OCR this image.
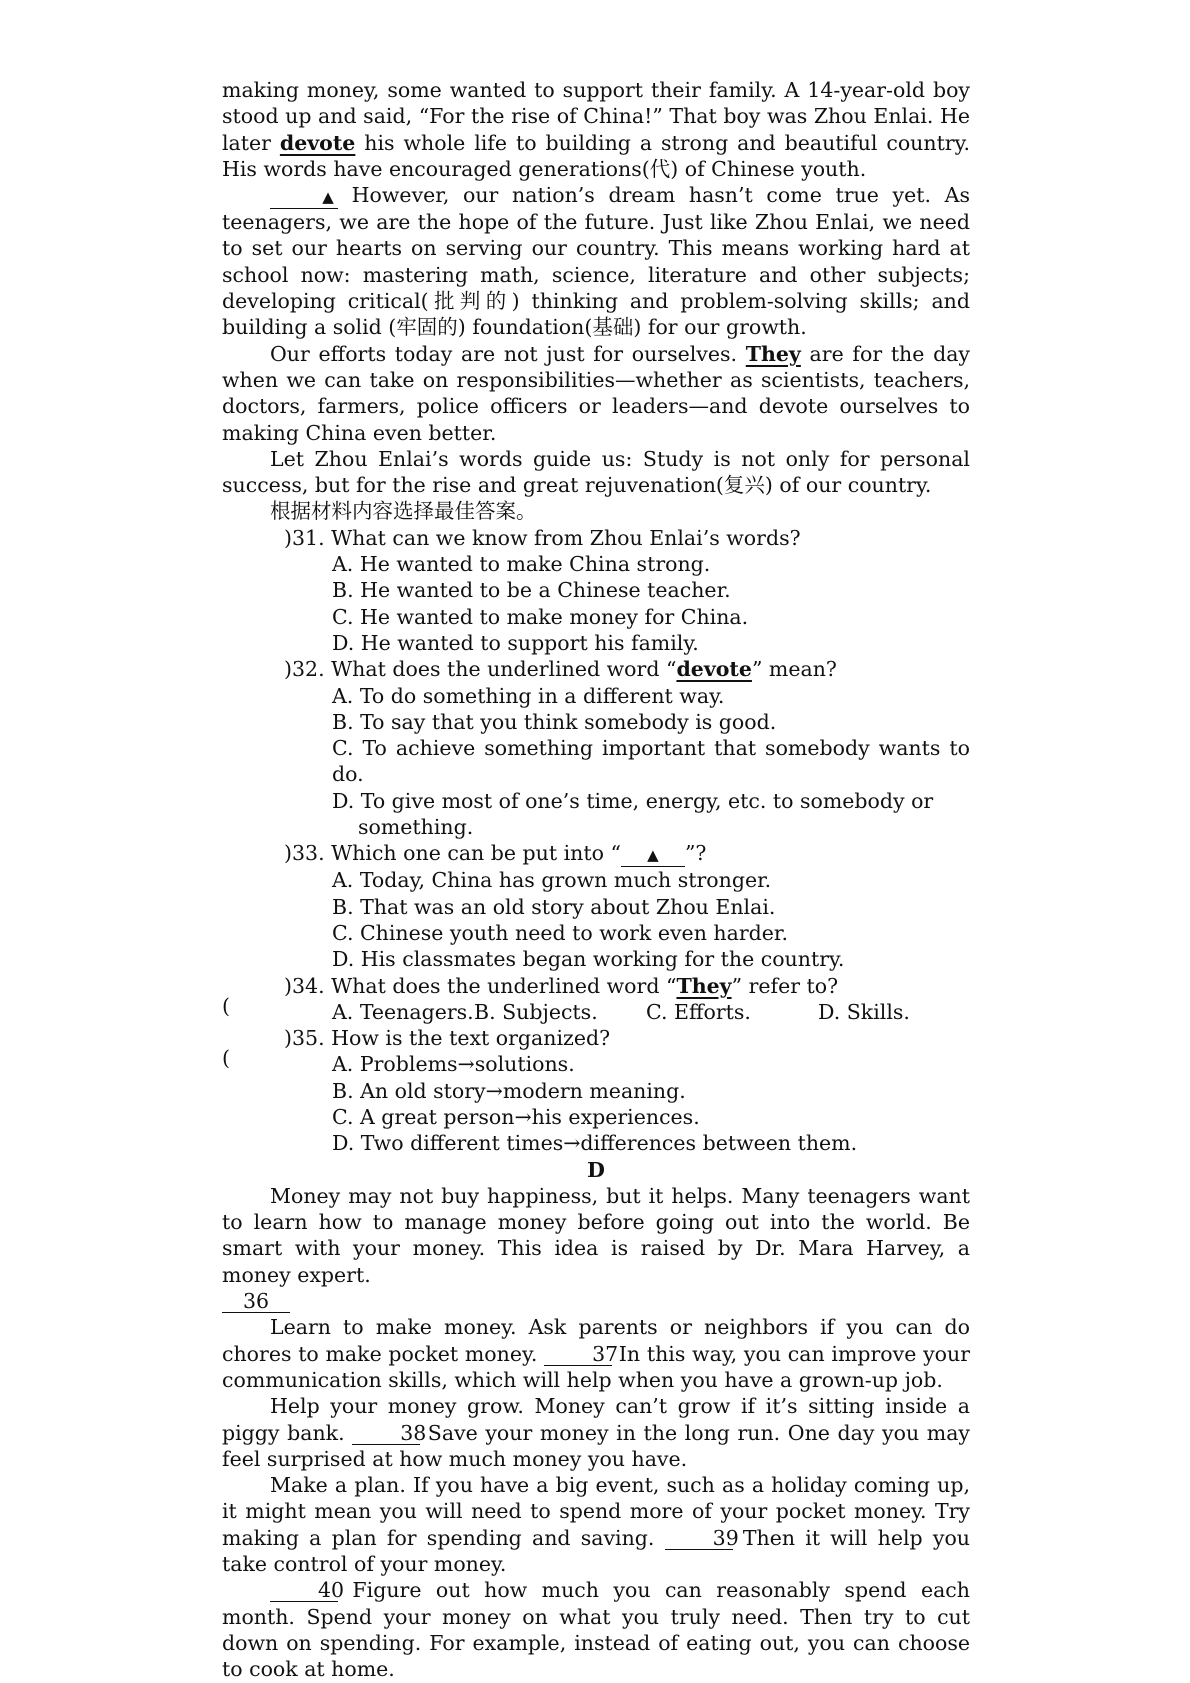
making money, some wanted to support their family. A 14-year-old boy stood up and said, “For the rise of China!” That boy was Zhou Enlai. He later devote his whole life to building a strong and beautiful country. His words have encouraged generations(代) of Chinese youth.

▲ However, our nation’s dream hasn’t come true yet. As teenagers, we are the hope of the future. Just like Zhou Enlai, we need to set our hearts on serving our country. This means working hard at school now: mastering math, science, literature and other subjects; developing critical(批判的) thinking and problem-solving skills; and building a solid (牢固的) foundation(基础) for our growth.

Our efforts today are not just for ourselves. They are for the day when we can take on responsibilities—whether as scientists, teachers, doctors, farmers, police officers or leaders—and devote ourselves to making China even better.

Let Zhou Enlai’s words guide us: Study is not only for personal success, but for the rise and great rejuvenation(复兴) of our country.

根据材料内容选择最佳答案。

)31. What can we know from Zhou Enlai’s words?

A. He wanted to make China strong.

B. He wanted to be a Chinese teacher.

C. He wanted to make money for China.

D. He wanted to support his family.

)32. What does the underlined word “devote” mean?

A. To do something in a different way.

B. To say that you think somebody is good.

C. To achieve something important that somebody wants to do.

D. To give most of one’s time, energy, etc. to somebody or

something.

)33. Which one can be put into “ ▲ ”?

A. Today, China has grown much stronger.

B. That was an old story about Zhou Enlai.

C. Chinese youth need to work even harder.

D. His classmates began working for the country.

(
)34. What does the underlined word “They” refer to?

A. Teenagers.B. Subjects. C. Efforts.	D. Skills.

(
)35. How is the text organized?

A. Problems→solutions.

B. An old story→modern meaning.

C. A great person→his experiences.

D. Two different times→differences between them.

D

Money may not buy happiness, but it helps. Many teenagers want to learn how to manage money before going out into the world. Be smart with your money. This idea is raised by Dr. Mara Harvey, a money expert.

36

Learn to make money. Ask parents or neighbors if you can do chores to make pocket money. 37 In this way, you can improve your communication skills, which will help when you have a grown-up job.

Help your money grow. Money can’t grow if it’s sitting inside a piggy bank. 38 Save your money in the long run. One day you may feel surprised at how much money you have.

Make a plan. If you have a big event, such as a holiday coming up, it might mean you will need to spend more of your pocket money. Try making a plan for spending and saving. 39 Then it will help you take control of your money.

40 Figure out how much you can reasonably spend each month. Spend your money on what you truly need. Then try to cut down on spending. For example, instead of eating out, you can choose to cook at home.
